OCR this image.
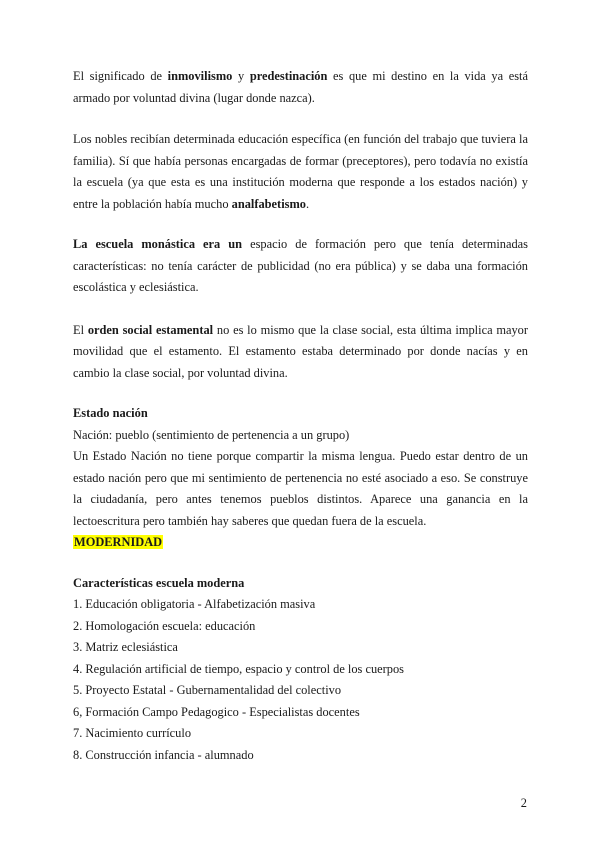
El significado de inmovilismo y predestinación es que mi destino en la vida ya está armado por voluntad divina (lugar donde nazca).

Los nobles recibían determinada educación específica (en función del trabajo que tuviera la familia). Sí que había personas encargadas de formar (preceptores), pero todavía no existía la escuela (ya que esta es una institución moderna que responde a los estados nación) y entre la población había mucho analfabetismo.

La escuela monástica era un espacio de formación pero que tenía determinadas características: no tenía carácter de publicidad (no era pública) y se daba una formación escolástica y eclesiástica.

El orden social estamental no es lo mismo que la clase social, esta última implica mayor movilidad que el estamento. El estamento estaba determinado por donde nacías y en cambio la clase social, por voluntad divina.

Estado nación

Nación: pueblo (sentimiento de pertenencia a un grupo)

Un Estado Nación no tiene porque compartir la misma lengua. Puedo estar dentro de un estado nación pero que mi sentimiento de pertenencia no esté asociado a eso. Se construye la ciudadanía, pero antes tenemos pueblos distintos. Aparece una ganancia en la lectoescritura pero también hay saberes que quedan fuera de la escuela.

MODERNIDAD

Características escuela moderna

1. Educación obligatoria - Alfabetización masiva
2. Homologación escuela: educación
3. Matriz eclesiástica
4. Regulación artificial de tiempo, espacio y control de los cuerpos
5. Proyecto Estatal - Gubernamentalidad del colectivo
6, Formación Campo Pedagogico - Especialistas docentes
7. Nacimiento currículo
8. Construcción infancia - alumnado
2
